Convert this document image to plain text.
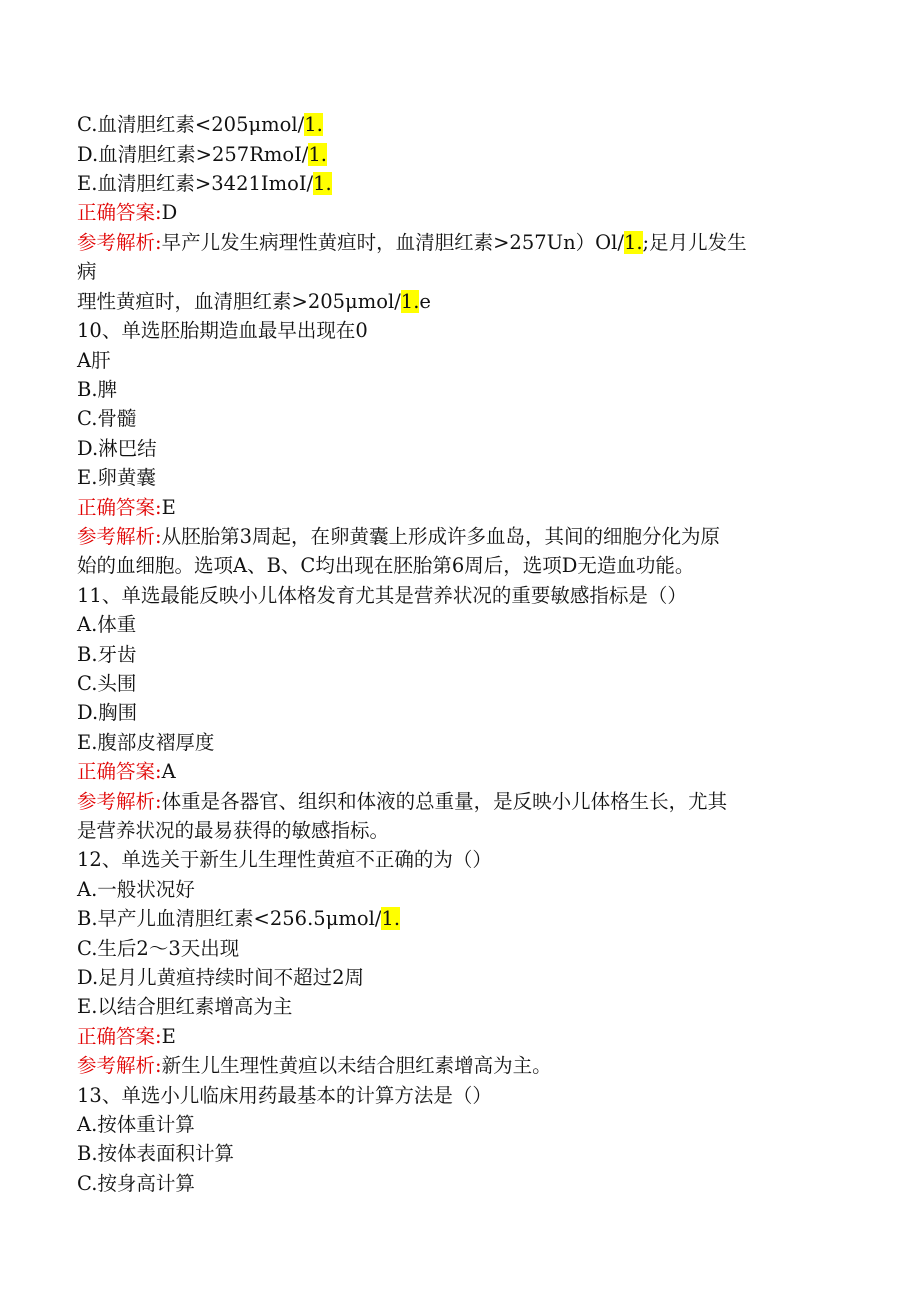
C.血清胆红素<205μmol/1.
D.血清胆红素>257RmoI/1.
E.血清胆红素>3421ImoI/1.
正确答案:D
参考解析:早产儿发生病理性黄疸时，血清胆红素>257Un）Ol/1.;足月儿发生
病
理性黄疸时，血清胆红素>205μmol/1.e
10、单选胚胎期造血最早出现在0
A肝
B.脾
C.骨髓
D.淋巴结
E.卵黄囊
正确答案:E
参考解析:从胚胎第3周起，在卵黄囊上形成许多血岛，其间的细胞分化为原
始的血细胞。选项A、B、C均出现在胚胎第6周后，选项D无造血功能。
11、单选最能反映小儿体格发育尤其是营养状况的重要敏感指标是（）
A.体重
B.牙齿
C.头围
D.胸围
E.腹部皮褶厚度
正确答案:A
参考解析:体重是各器官、组织和体液的总重量，是反映小儿体格生长，尤其
是营养状况的最易获得的敏感指标。
12、单选关于新生儿生理性黄疸不正确的为（）
A.一般状况好
B.早产儿血清胆红素<256.5μmol/1.
C.生后2～3天出现
D.足月儿黄疸持续时间不超过2周
E.以结合胆红素增高为主
正确答案:E
参考解析:新生儿生理性黄疸以未结合胆红素增高为主。
13、单选小儿临床用药最基本的计算方法是（）
A.按体重计算
B.按体表面积计算
C.按身高计算
